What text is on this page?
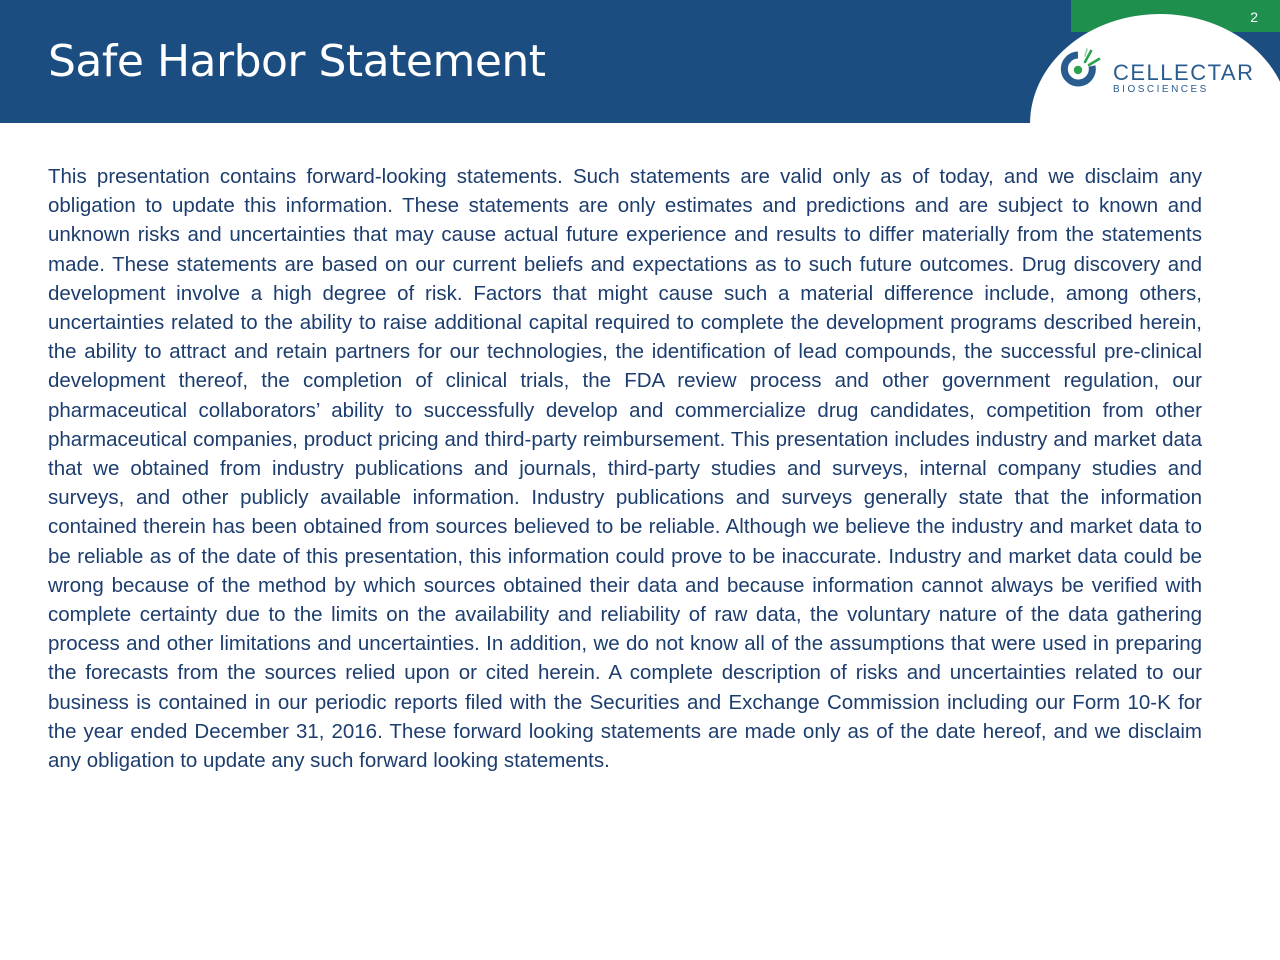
2
CELLECTAR
BIOSCIENCES
Safe Harbor Statement

This presentation contains forward-looking statements. Such statements are valid only as of today, and we disclaim any obligation to update this information. These statements are only estimates and predictions and are subject to known and unknown risks and uncertainties that may cause actual future experience and results to differ materially from the statements made. These statements are based on our current beliefs and expectations as to such future outcomes. Drug discovery and development involve a high degree of risk. Factors that might cause such a material difference include, among others, uncertainties related to the ability to raise additional capital required to complete the development programs described herein, the ability to attract and retain partners for our technologies, the identification of lead compounds, the successful pre-clinical development thereof, the completion of clinical trials, the FDA review process and other government regulation, our pharmaceutical collaborators’ ability to successfully develop and commercialize drug candidates, competition from other pharmaceutical companies, product pricing and third-party reimbursement. This presentation includes industry and market data that we obtained from industry publications and journals, third-party studies and surveys, internal company studies and surveys, and other publicly available information. Industry publications and surveys generally state that the information contained therein has been obtained from sources believed to be reliable. Although we believe the industry and market data to be reliable as of the date of this presentation, this information could prove to be inaccurate. Industry and market data could be wrong because of the method by which sources obtained their data and because information cannot always be verified with complete certainty due to the limits on the availability and reliability of raw data, the voluntary nature of the data gathering process and other limitations and uncertainties. In addition, we do not know all of the assumptions that were used in preparing the forecasts from the sources relied upon or cited herein. A complete description of risks and uncertainties related to our business is contained in our periodic reports filed with the Securities and Exchange Commission including our Form 10-K for the year ended December 31, 2016. These forward looking statements are made only as of the date hereof, and we disclaim any obligation to update any such forward looking statements.
